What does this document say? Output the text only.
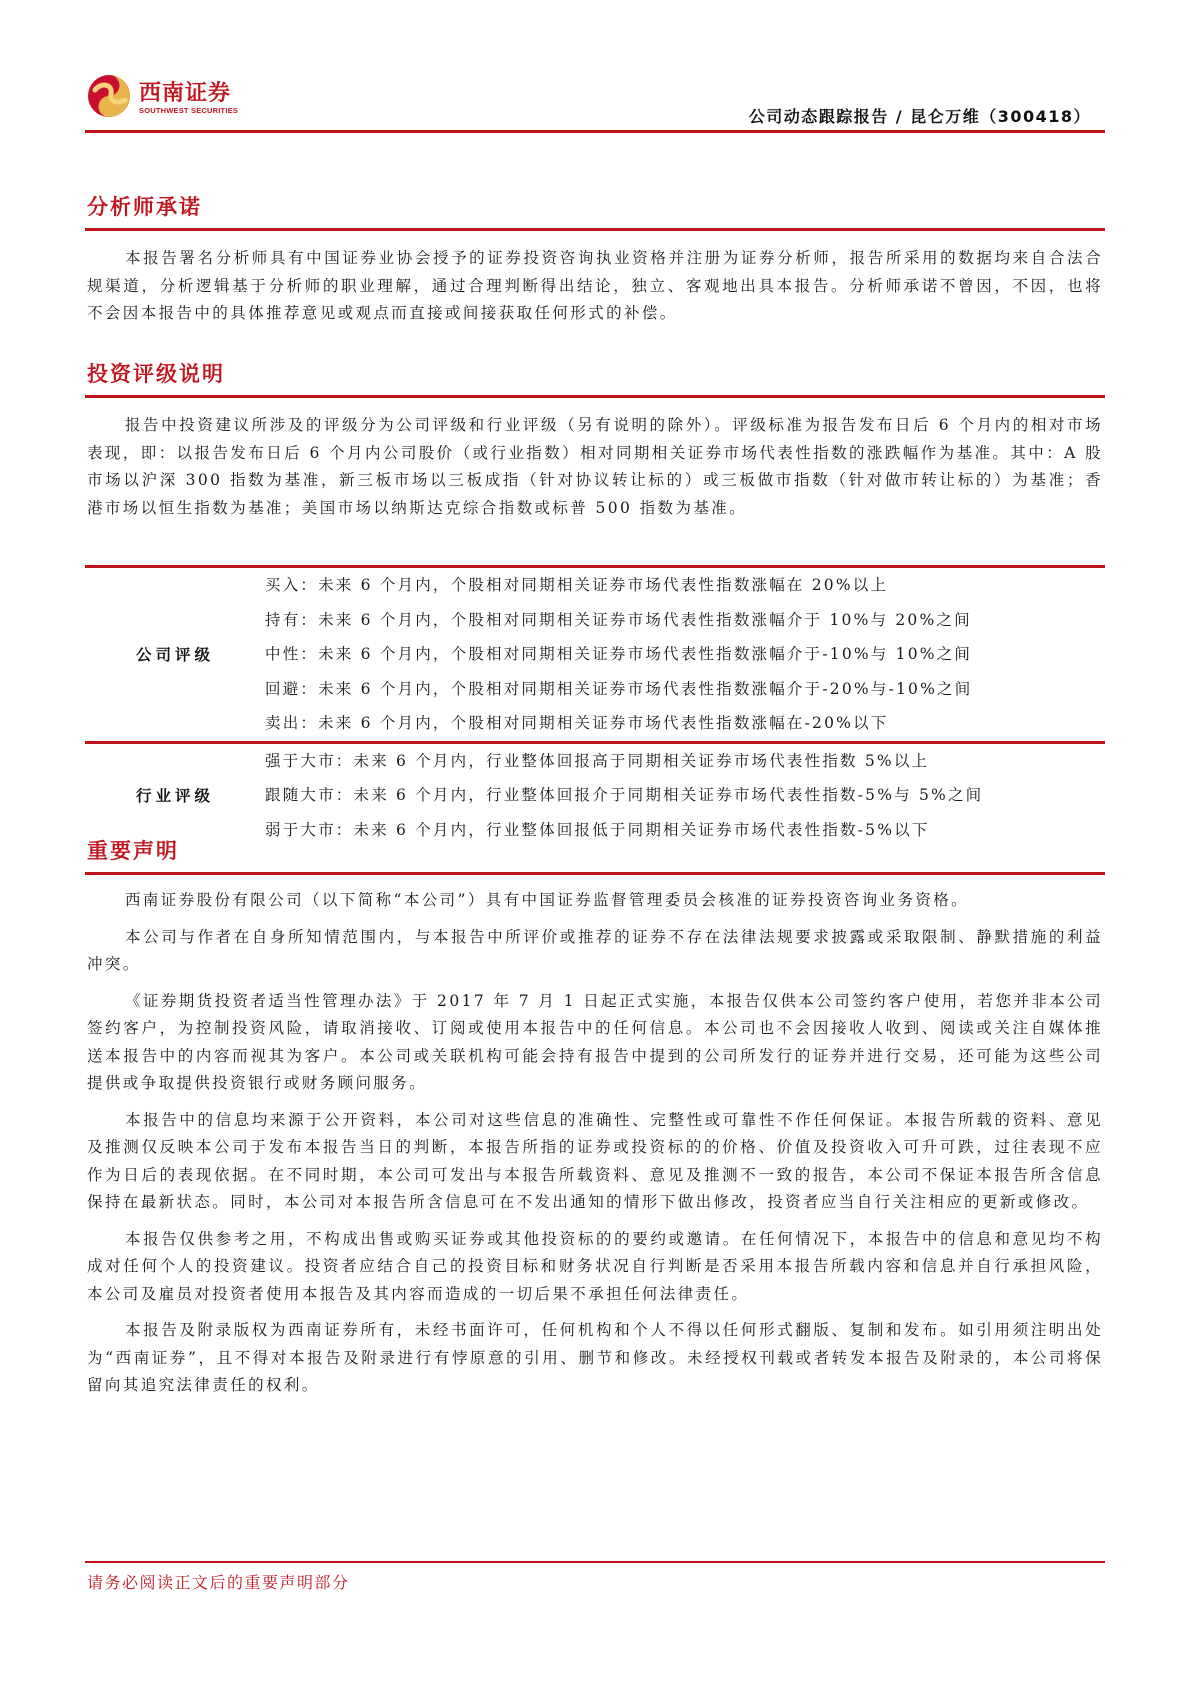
西南证券
SOUTHWEST SECURITIES	公司动态跟踪报告 / 昆仑万维（300418）
分析师承诺

本报告署名分析师具有中国证券业协会授予的证券投资咨询执业资格并注册为证券分析师，报告所采用的数据均来自合法合规渠道，分析逻辑基于分析师的职业理解，通过合理判断得出结论，独立、客观地出具本报告。分析师承诺不曾因，不因，也将不会因本报告中的具体推荐意见或观点而直接或间接获取任何形式的补偿。

投资评级说明

报告中投资建议所涉及的评级分为公司评级和行业评级（另有说明的除外）。评级标准为报告发布日后 6 个月内的相对市场表现，即：以报告发布日后 6 个月内公司股价（或行业指数）相对同期相关证券市场代表性指数的涨跌幅作为基准。其中：A 股市场以沪深 300 指数为基准，新三板市场以三板成指（针对协议转让标的）或三板做市指数（针对做市转让标的）为基准；香港市场以恒生指数为基准；美国市场以纳斯达克综合指数或标普 500 指数为基准。

公司评级
买入：未来 6 个月内，个股相对同期相关证券市场代表性指数涨幅在 20%以上
持有：未来 6 个月内，个股相对同期相关证券市场代表性指数涨幅介于 10%与 20%之间
中性：未来 6 个月内，个股相对同期相关证券市场代表性指数涨幅介于-10%与 10%之间
回避：未来 6 个月内，个股相对同期相关证券市场代表性指数涨幅介于-20%与-10%之间
卖出：未来 6 个月内，个股相对同期相关证券市场代表性指数涨幅在-20%以下
行业评级
强于大市：未来 6 个月内，行业整体回报高于同期相关证券市场代表性指数 5%以上
跟随大市：未来 6 个月内，行业整体回报介于同期相关证券市场代表性指数-5%与 5%之间
弱于大市：未来 6 个月内，行业整体回报低于同期相关证券市场代表性指数-5%以下
重要声明

西南证券股份有限公司（以下简称“本公司”）具有中国证券监督管理委员会核准的证券投资咨询业务资格。

本公司与作者在自身所知情范围内，与本报告中所评价或推荐的证券不存在法律法规要求披露或采取限制、静默措施的利益冲突。

《证券期货投资者适当性管理办法》于 2017 年 7 月 1 日起正式实施，本报告仅供本公司签约客户使用，若您并非本公司签约客户，为控制投资风险，请取消接收、订阅或使用本报告中的任何信息。本公司也不会因接收人收到、阅读或关注自媒体推送本报告中的内容而视其为客户。本公司或关联机构可能会持有报告中提到的公司所发行的证券并进行交易，还可能为这些公司提供或争取提供投资银行或财务顾问服务。

本报告中的信息均来源于公开资料，本公司对这些信息的准确性、完整性或可靠性不作任何保证。本报告所载的资料、意见及推测仅反映本公司于发布本报告当日的判断，本报告所指的证券或投资标的的价格、价值及投资收入可升可跌，过往表现不应作为日后的表现依据。在不同时期，本公司可发出与本报告所载资料、意见及推测不一致的报告，本公司不保证本报告所含信息保持在最新状态。同时，本公司对本报告所含信息可在不发出通知的情形下做出修改，投资者应当自行关注相应的更新或修改。

本报告仅供参考之用，不构成出售或购买证券或其他投资标的的要约或邀请。在任何情况下，本报告中的信息和意见均不构成对任何个人的投资建议。投资者应结合自己的投资目标和财务状况自行判断是否采用本报告所载内容和信息并自行承担风险，本公司及雇员对投资者使用本报告及其内容而造成的一切后果不承担任何法律责任。

本报告及附录版权为西南证券所有，未经书面许可，任何机构和个人不得以任何形式翻版、复制和发布。如引用须注明出处为“西南证券”，且不得对本报告及附录进行有悖原意的引用、删节和修改。未经授权刊载或者转发本报告及附录的，本公司将保留向其追究法律责任的权利。

请务必阅读正文后的重要声明部分
